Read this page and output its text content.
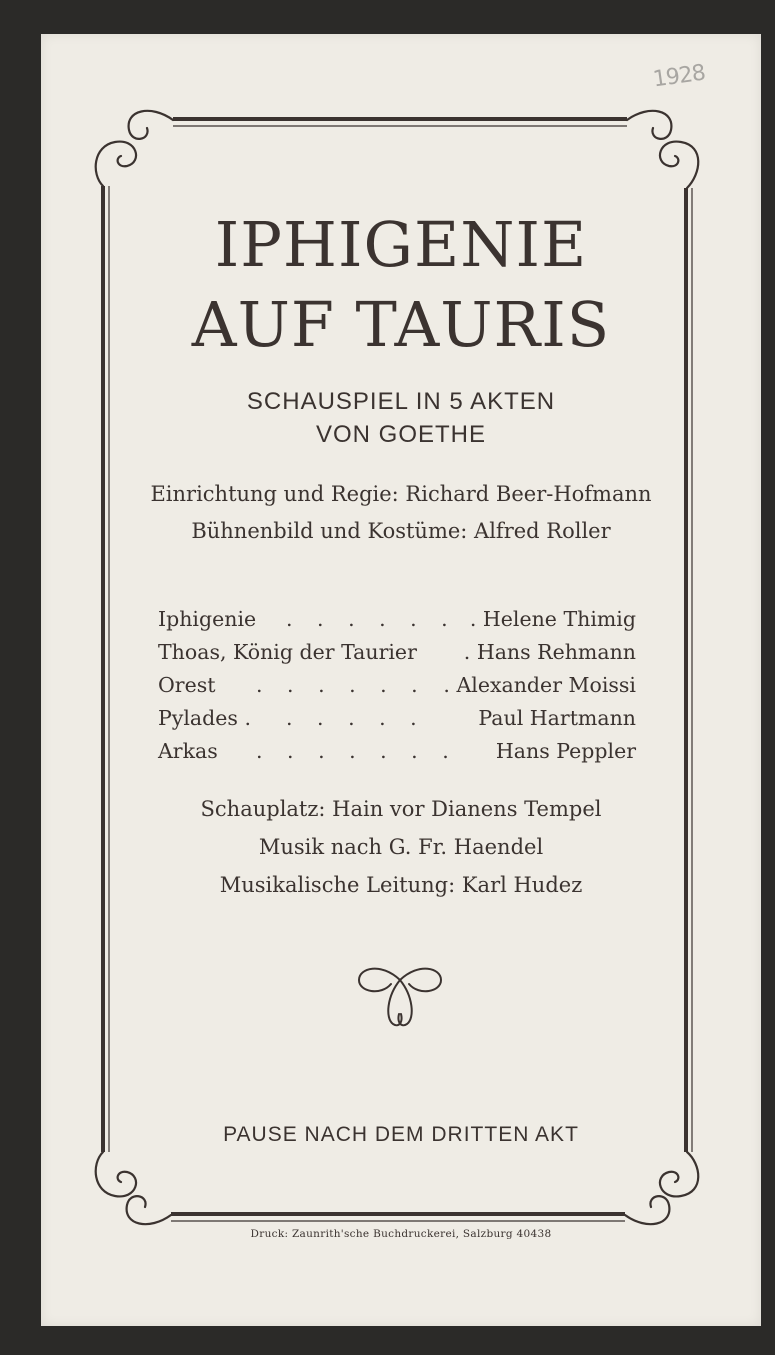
1928
IPHIGENIE
AUF TAURIS
SCHAUSPIEL IN 5 AKTEN
VON GOETHE
Einrichtung und Regie: Richard Beer-Hofmann
Bühnenbild und Kostüme: Alfred Roller
Iphigenie . . . . . . . Helene Thimig
Thoas, König der Taurier . Hans Rehmann
Orest . . . . . . . Alexander Moissi
Pylades . . . . . .	Paul Hartmann
Arkas . . . . . . . Hans Peppler
Schauplatz: Hain vor Dianens Tempel
Musik nach G. Fr. Haendel
Musikalische Leitung: Karl Hudez
PAUSE NACH DEM DRITTEN AKT
Druck: Zaunrith'sche Buchdruckerei, Salzburg 40438
